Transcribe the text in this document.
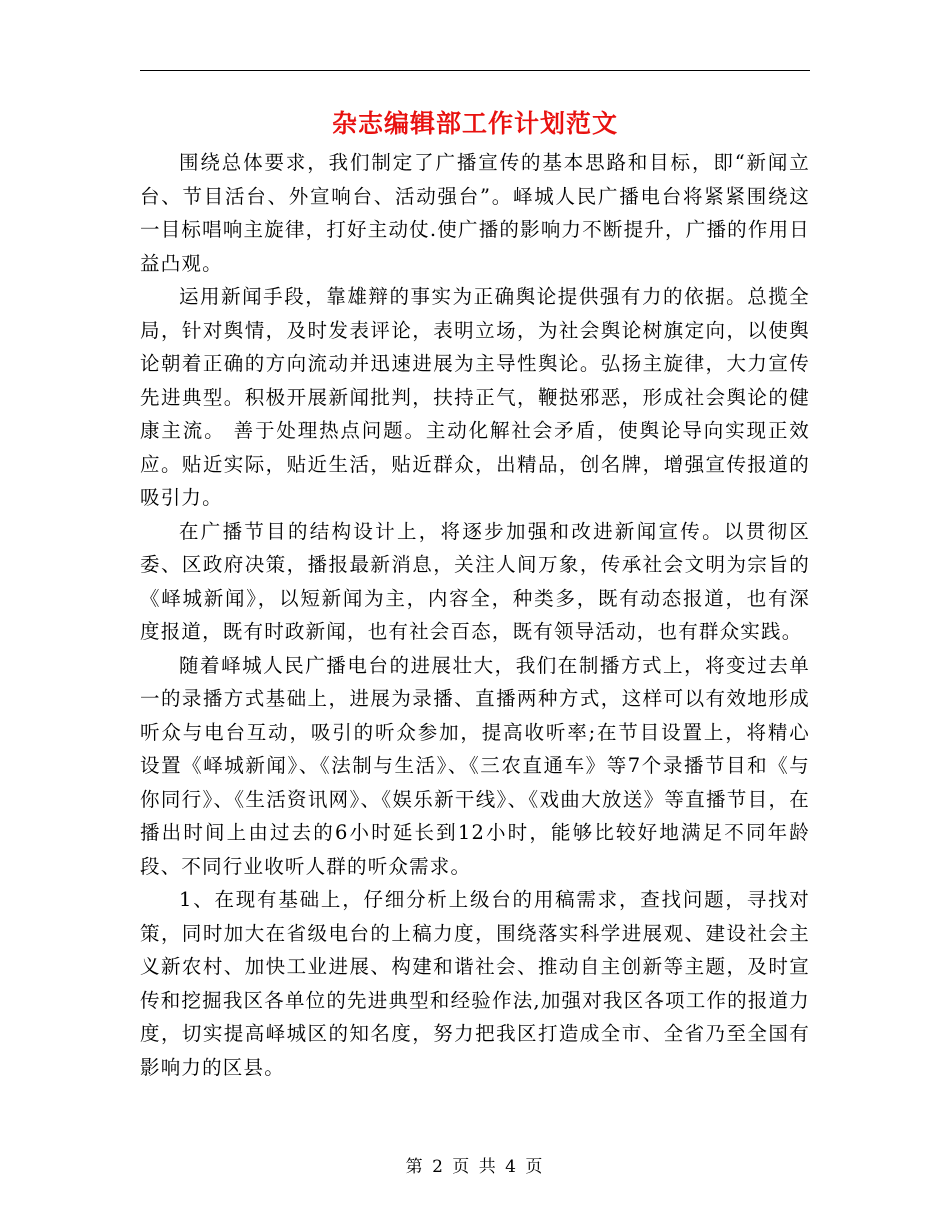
杂志编辑部工作计划范文

围绕总体要求，我们制定了广播宣传的基本思路和目标，即“新闻立台、节目活台、外宣响台、活动强台”。峄城人民广播电台将紧紧围绕这一目标唱响主旋律，打好主动仗.使广播的影响力不断提升，广播的作用日益凸观。

运用新闻手段，靠雄辩的事实为正确舆论提供强有力的依据。总揽全局，针对舆情，及时发表评论，表明立场，为社会舆论树旗定向，以使舆论朝着正确的方向流动并迅速进展为主导性舆论。弘扬主旋律，大力宣传先进典型。积极开展新闻批判，扶持正气，鞭挞邪恶，形成社会舆论的健康主流。 善于处理热点问题。主动化解社会矛盾，使舆论导向实现正效应。贴近实际，贴近生活，贴近群众，出精品，创名牌，增强宣传报道的吸引力。

在广播节目的结构设计上，将逐步加强和改进新闻宣传。以贯彻区委、区政府决策，播报最新消息，关注人间万象，传承社会文明为宗旨的《峄城新闻》，以短新闻为主，内容全，种类多，既有动态报道，也有深度报道，既有时政新闻，也有社会百态，既有领导活动，也有群众实践。

随着峄城人民广播电台的进展壮大，我们在制播方式上，将变过去单一的录播方式基础上，进展为录播、直播两种方式，这样可以有效地形成听众与电台互动，吸引的听众参加，提高收听率;在节目设置上，将精心设置《峄城新闻》、《法制与生活》、《三农直通车》等7个录播节目和《与你同行》、《生活资讯网》、《娱乐新干线》、《戏曲大放送》等直播节目，在播出时间上由过去的6小时延长到12小时，能够比较好地满足不同年龄段、不同行业收听人群的听众需求。

1、在现有基础上，仔细分析上级台的用稿需求，查找问题，寻找对策，同时加大在省级电台的上稿力度，围绕落实科学进展观、建设社会主义新农村、加快工业进展、构建和谐社会、推动自主创新等主题，及时宣传和挖掘我区各单位的先进典型和经验作法,加强对我区各项工作的报道力度，切实提高峄城区的知名度，努力把我区打造成全市、全省乃至全国有影响力的区县。

第 2 页 共 4 页
